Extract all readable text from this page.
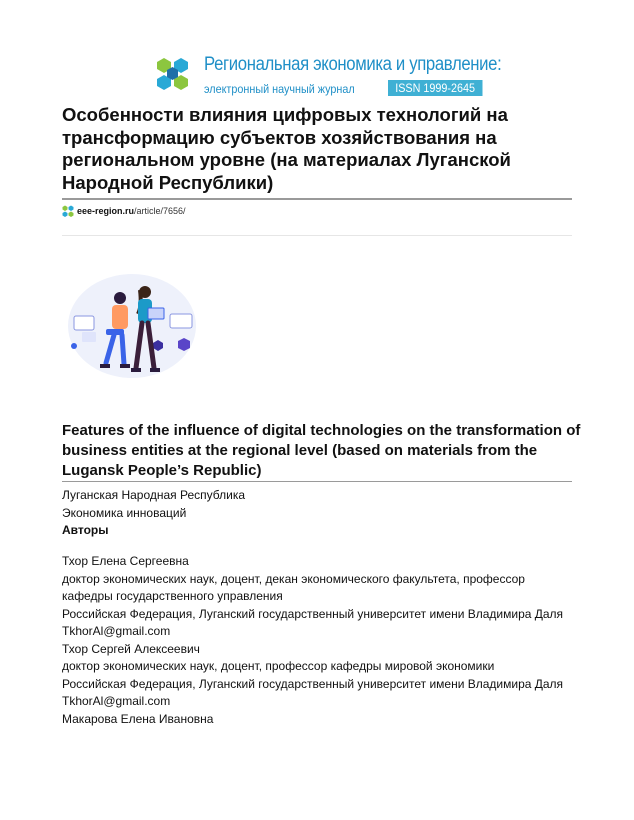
Региональная экономика и управление:
электронный научный журнал	ISSN 1999-2645
Особенности влияния цифровых технологий на трансформацию субъектов хозяйствования на региональном уровне (на материалах Луганской Народной Республики)
eee-region.ru/article/7656/
Features of the influence of digital technologies on the transformation of business entities at the regional level (based on materials from the Lugansk People’s Republic)
Луганская Народная Республика
Экономика инноваций
Авторы
Тхор Елена Сергеевна
доктор экономических наук, доцент, декан экономического факультета, профессор кафедры государственного управления
Российская Федерация, Луганский государственный университет имени Владимира Даля
TkhorAl@gmail.com
Тхор Сергей Алексеевич
доктор экономических наук, доцент, профессор кафедры мировой экономики
Российская Федерация, Луганский государственный университет имени Владимира Даля
TkhorAl@gmail.com
Макарова Елена Ивановна
